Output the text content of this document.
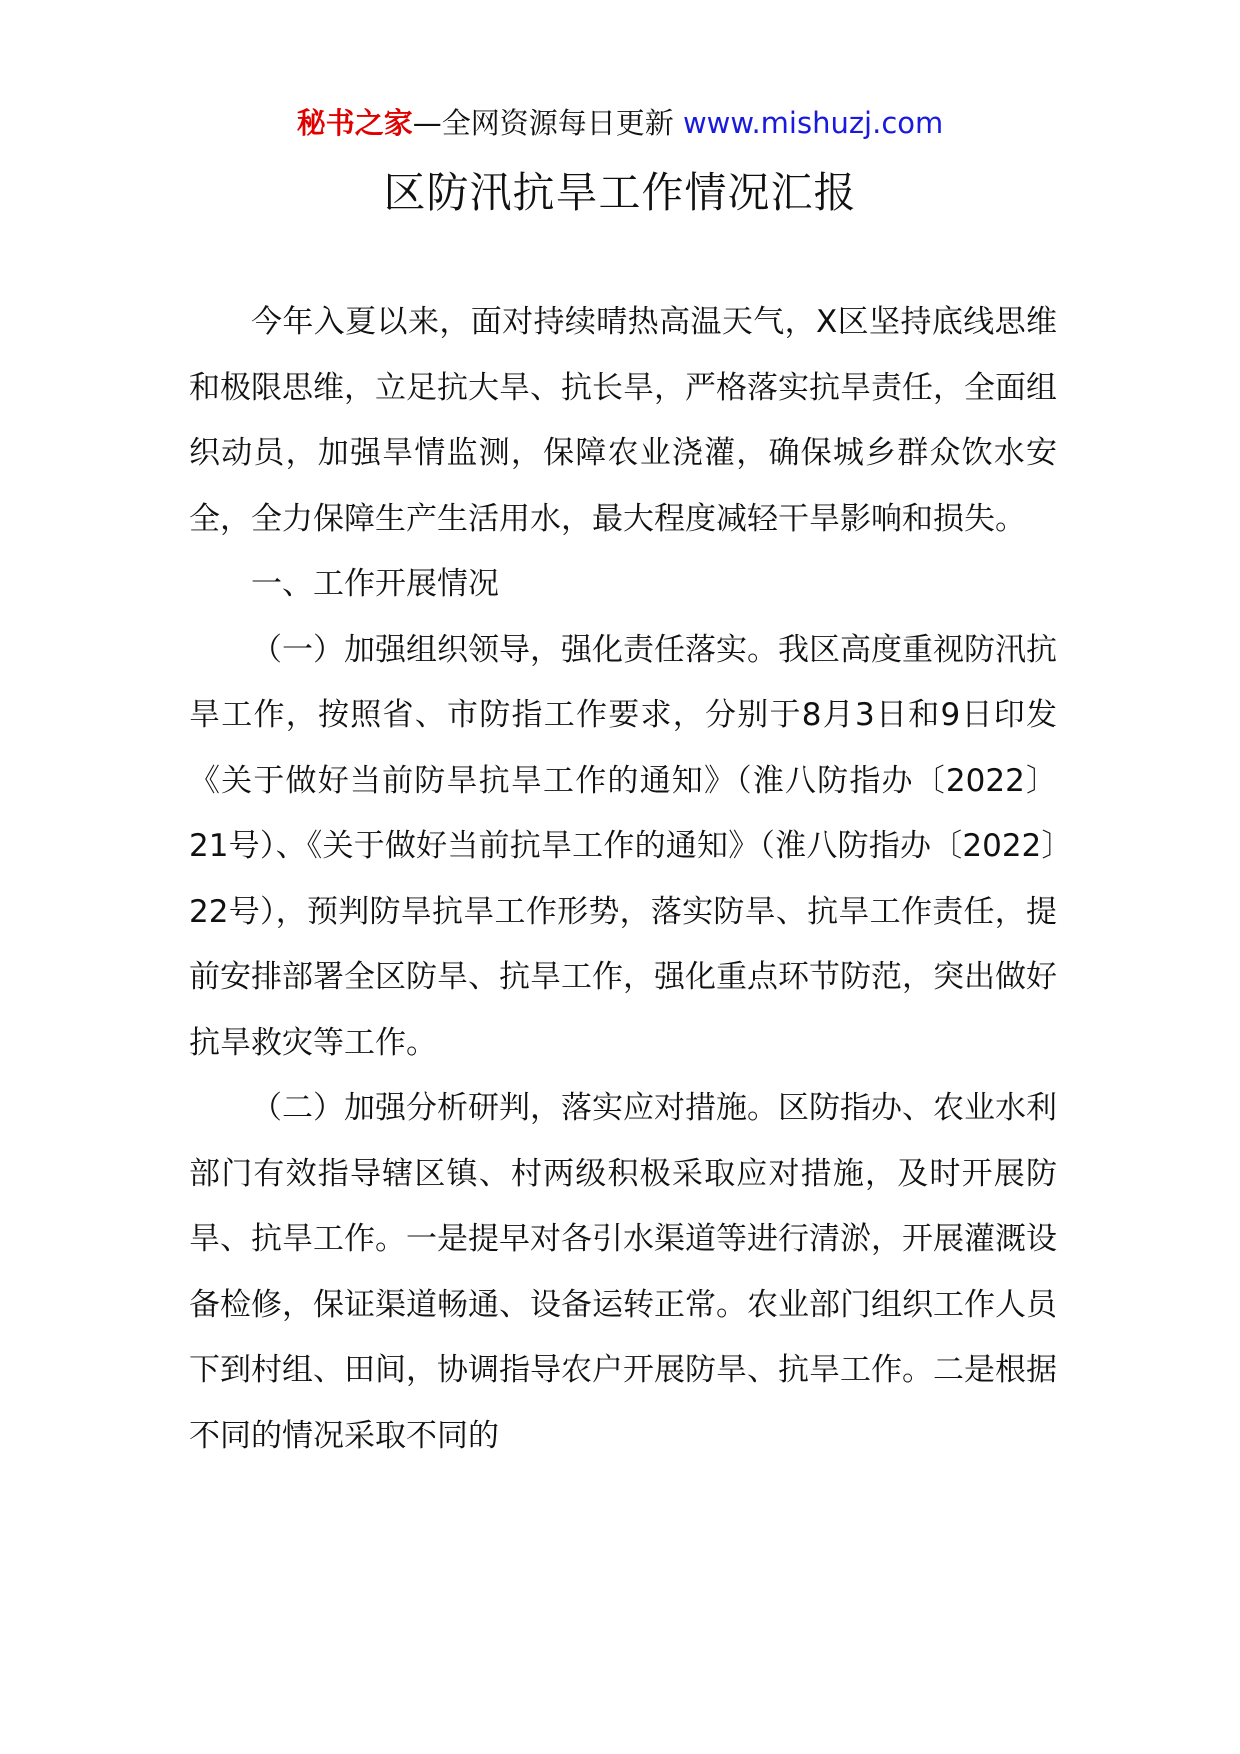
秘书之家—全网资源每日更新 www.mishuzj.com
区防汛抗旱工作情况汇报

今年入夏以来，面对持续晴热高温天气，X区坚持底线思维和极限思维，立足抗大旱、抗长旱，严格落实抗旱责任，全面组织动员，加强旱情监测，保障农业浇灌，确保城乡群众饮水安全，全力保障生产生活用水，最大程度减轻干旱影响和损失。

一、工作开展情况

（一）加强组织领导，强化责任落实。我区高度重视防汛抗旱工作，按照省、市防指工作要求，分别于8月3日和9日印发《关于做好当前防旱抗旱工作的通知》（淮八防指办〔2022〕21号）、《关于做好当前抗旱工作的通知》（淮八防指办〔2022〕22号），预判防旱抗旱工作形势，落实防旱、抗旱工作责任，提前安排部署全区防旱、抗旱工作，强化重点环节防范，突出做好抗旱救灾等工作。

（二）加强分析研判，落实应对措施。区防指办、农业水利部门有效指导辖区镇、村两级积极采取应对措施，及时开展防旱、抗旱工作。一是提早对各引水渠道等进行清淤，开展灌溉设备检修，保证渠道畅通、设备运转正常。农业部门组织工作人员下到村组、田间，协调指导农户开展防旱、抗旱工作。二是根据不同的情况采取不同的
